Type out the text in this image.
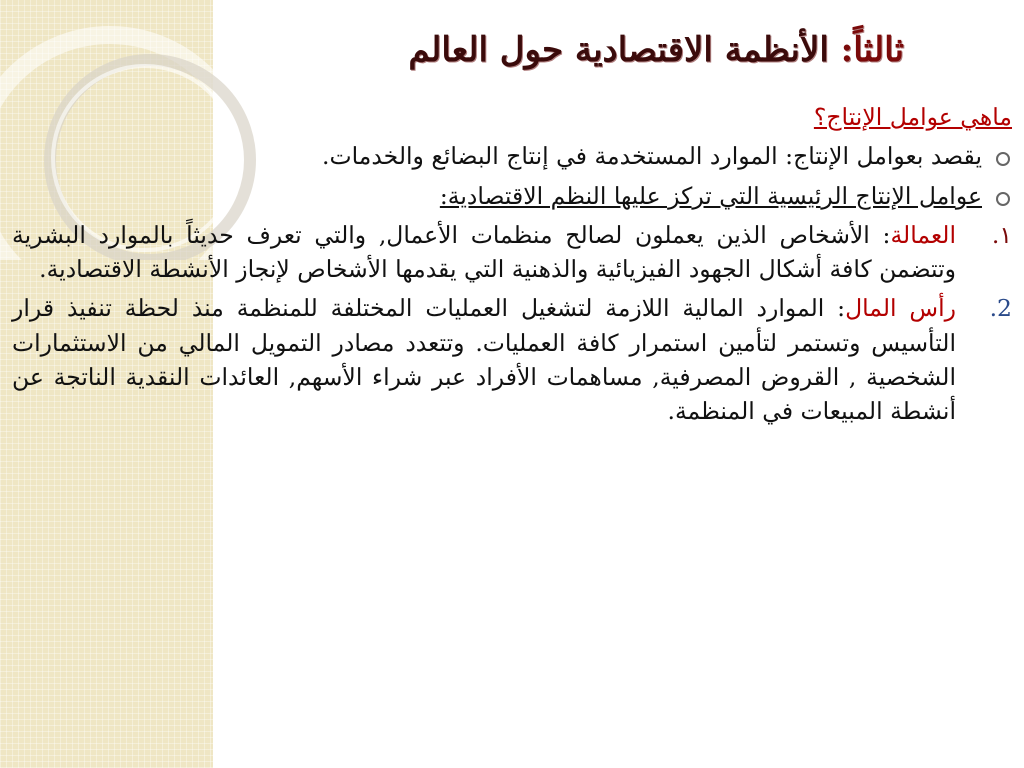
ثالثاً: الأنظمة الاقتصادية حول العالم

ماهي عوامل الإنتاج؟

يقصد بعوامل الإنتاج: الموارد المستخدمة في إنتاج البضائع والخدمات.

عوامل الإنتاج الرئيسية التي تركز عليها النظم الاقتصادية:

١.
العمالة: الأشخاص الذين يعملون لصالح منظمات الأعمال, والتي تعرف حديثاً بالموارد البشرية وتتضمن كافة أشكال الجهود الفيزيائية والذهنية التي يقدمها الأشخاص لإنجاز الأنشطة الاقتصادية.

2.
رأس المال: الموارد المالية اللازمة لتشغيل العمليات المختلفة للمنظمة منذ لحظة تنفيذ قرار التأسيس وتستمر لتأمين استمرار كافة العمليات. وتتعدد مصادر التمويل المالي من الاستثمارات الشخصية , القروض المصرفية, مساهمات الأفراد عبر شراء الأسهم, العائدات النقدية الناتجة عن أنشطة المبيعات في المنظمة.
